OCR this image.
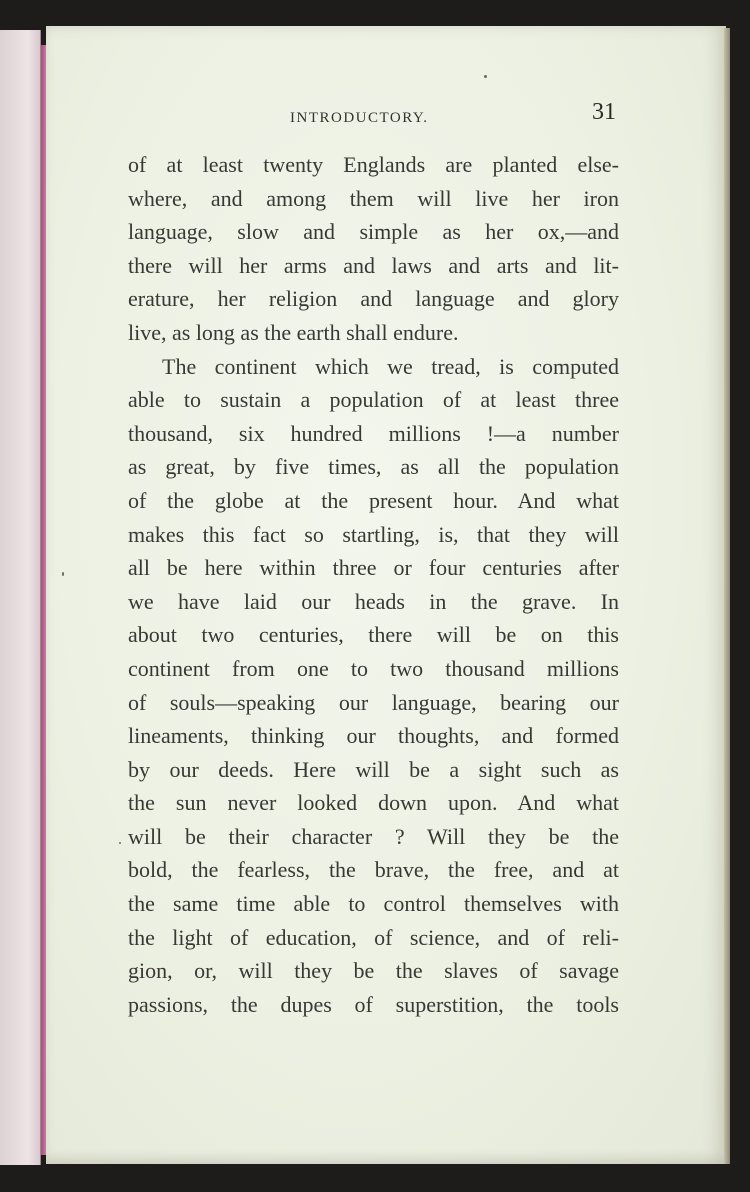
INTRODUCTORY.	31
of at least twenty Englands are planted else-
where, and among them will live her iron
language, slow and simple as her ox,—and
there will her arms and laws and arts and lit-
erature, her religion and language and glory
live, as long as the earth shall endure.
The continent which we tread, is computed
able to sustain a population of at least three
thousand, six hundred millions !—a number
as great, by five times, as all the population
of the globe at the present hour. And what
makes this fact so startling, is, that they will
all be here within three or four centuries after
we have laid our heads in the grave. In
about two centuries, there will be on this
continent from one to two thousand millions
of souls—speaking our language, bearing our
lineaments, thinking our thoughts, and formed
by our deeds. Here will be a sight such as
the sun never looked down upon. And what
will be their character ? Will they be the
bold, the fearless, the brave, the free, and at
the same time able to control themselves with
the light of education, of science, and of reli-
gion, or, will they be the slaves of savage
passions, the dupes of superstition, the tools
